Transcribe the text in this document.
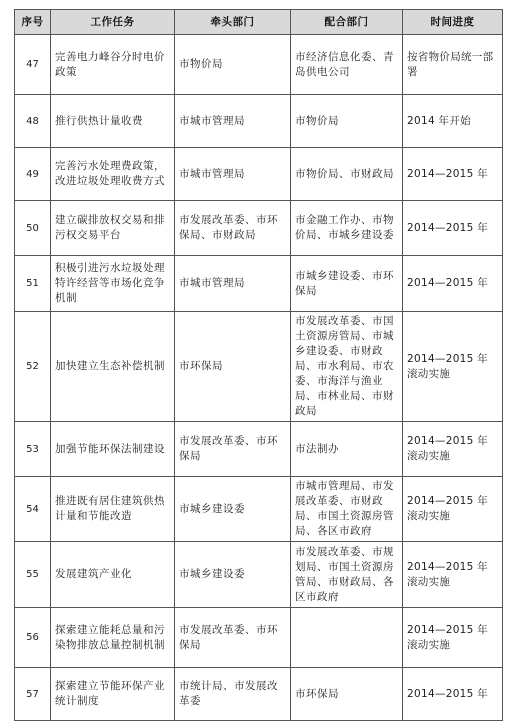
序号	工作任务	牵头部门	配合部门	时间进度
47	完善电力峰谷分时电价政策	市物价局	市经济信息化委、青岛供电公司	按省物价局统一部署
48	推行供热计量收费	市城市管理局	市物价局	2014 年开始
49	完善污水处理费政策，改进垃圾处理收费方式	市城市管理局	市物价局、市财政局	2014—2015 年
50	建立碳排放权交易和排污权交易平台	市发展改革委、市环保局、市财政局	市金融工作办、市物价局、市城乡建设委	2014—2015 年
51	积极引进污水垃圾处理特许经营等市场化竞争机制	市城市管理局	市城乡建设委、市环保局	2014—2015 年
52	加快建立生态补偿机制	市环保局	市发展改革委、市国土资源房管局、市城乡建设委、市财政局、市水利局、市农委、市海洋与渔业局、市林业局、市财政局	2014—2015 年滚动实施
53	加强节能环保法制建设	市发展改革委、市环保局	市法制办	2014—2015 年滚动实施
54	推进既有居住建筑供热计量和节能改造	市城乡建设委	市城市管理局、市发展改革委、市财政局、市国土资源房管局、各区市政府	2014—2015 年滚动实施
55	发展建筑产业化	市城乡建设委	市发展改革委、市规划局、市国土资源房管局、市财政局、各区市政府	2014—2015 年滚动实施
56	探索建立能耗总量和污染物排放总量控制机制	市发展改革委、市环保局		2014—2015 年滚动实施
57	探索建立节能环保产业统计制度	市统计局、市发展改革委	市环保局	2014—2015 年
